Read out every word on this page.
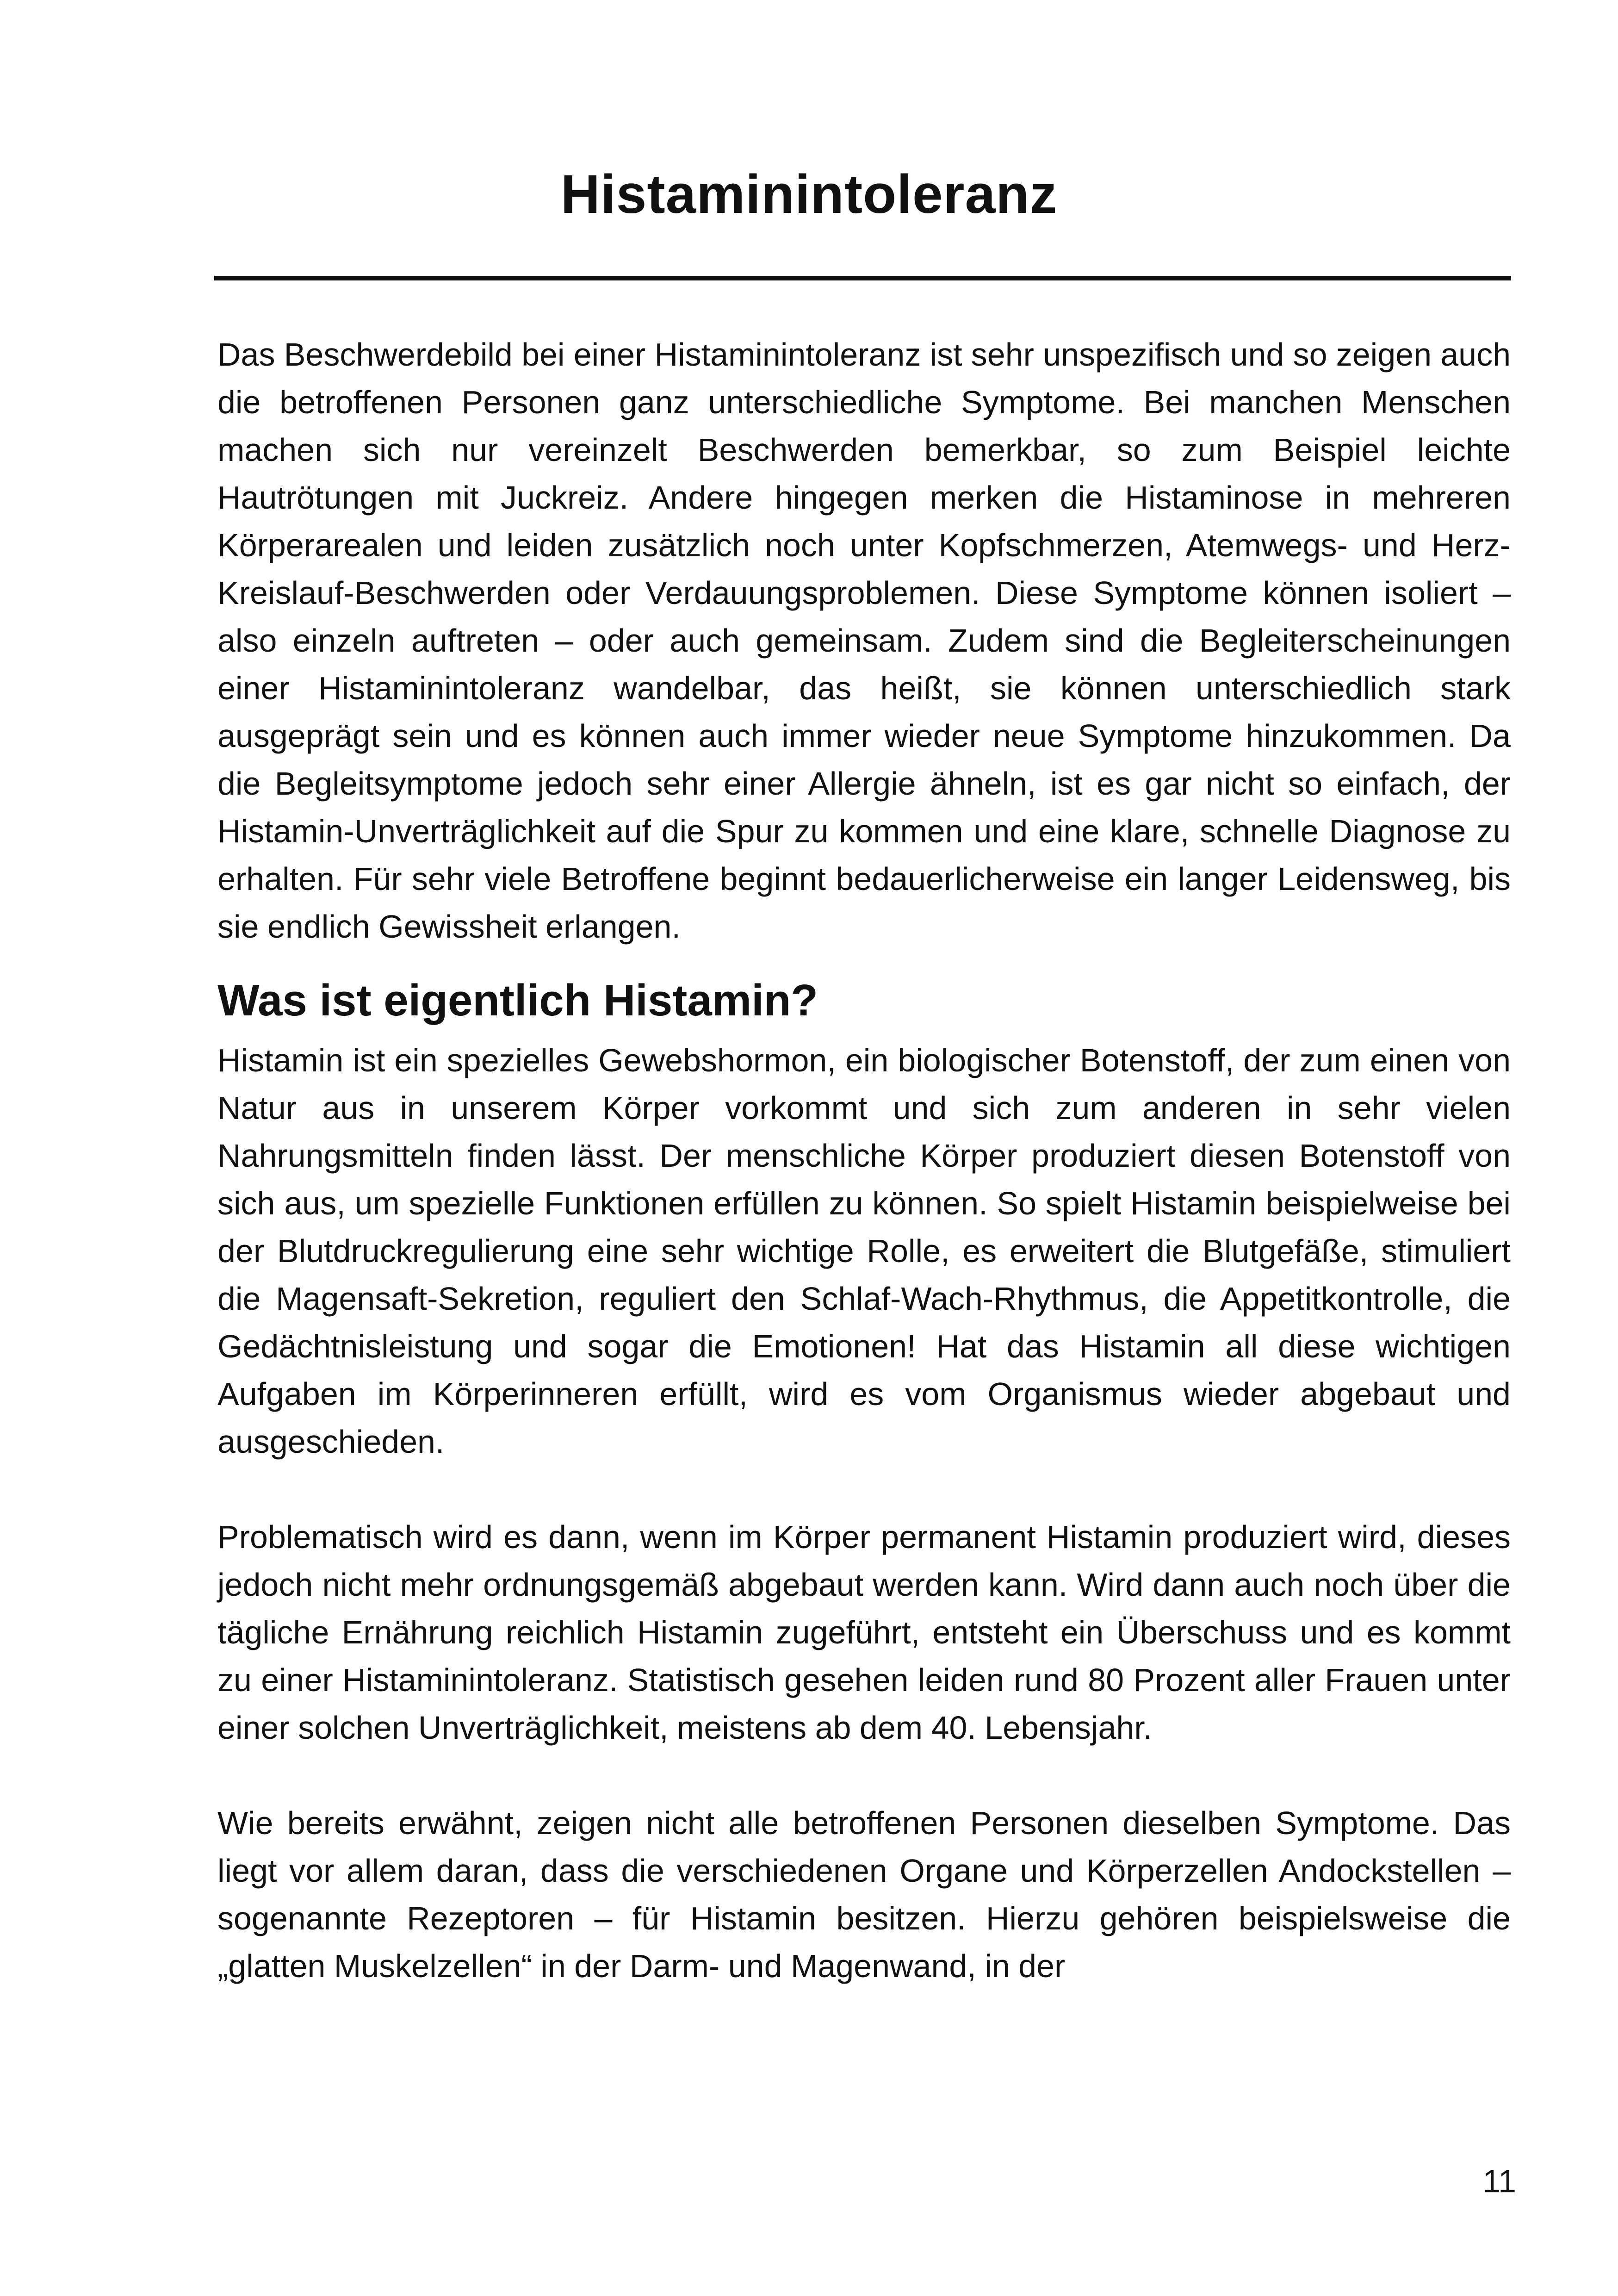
Histaminintoleranz

Das Beschwerdebild bei einer Histaminintoleranz ist sehr unspezifisch und so zeigen auch die betroffenen Personen ganz unterschiedliche Symptome. Bei manchen Menschen machen sich nur vereinzelt Beschwerden bemerkbar, so zum Beispiel leichte Hautrötungen mit Juckreiz. Andere hingegen merken die Histaminose in mehreren Körperarealen und leiden zusätzlich noch unter Kopfschmerzen, Atemwegs- und Herz-Kreislauf-Beschwerden oder Verdauungsproblemen. Diese Symptome können isoliert – also einzeln auftreten – oder auch gemeinsam. Zudem sind die Begleiterscheinungen einer Histaminintoleranz wandelbar, das heißt, sie können unterschiedlich stark ausgeprägt sein und es können auch immer wieder neue Symptome hinzukommen. Da die Begleitsymptome jedoch sehr einer Allergie ähneln, ist es gar nicht so einfach, der Histamin-Unverträglichkeit auf die Spur zu kommen und eine klare, schnelle Diagnose zu erhalten. Für sehr viele Betroffene beginnt bedauerlicherweise ein langer Leidensweg, bis sie endlich Gewissheit erlangen.

Was ist eigentlich Histamin?

Histamin ist ein spezielles Gewebshormon, ein biologischer Botenstoff, der zum einen von Natur aus in unserem Körper vorkommt und sich zum anderen in sehr vielen Nahrungsmitteln finden lässt. Der menschliche Körper produziert diesen Botenstoff von sich aus, um spezielle Funktionen erfüllen zu können. So spielt Histamin beispielweise bei der Blutdruckregulierung eine sehr wichtige Rolle, es erweitert die Blutgefäße, stimuliert die Magensaft-Sekretion, reguliert den Schlaf-Wach-Rhythmus, die Appetitkontrolle, die Gedächtnisleistung und sogar die Emotionen! Hat das Histamin all diese wichtigen Aufgaben im Körperinneren erfüllt, wird es vom Organismus wieder abgebaut und ausgeschieden.

Problematisch wird es dann, wenn im Körper permanent Histamin produziert wird, dieses jedoch nicht mehr ordnungsgemäß abgebaut werden kann. Wird dann auch noch über die tägliche Ernährung reichlich Histamin zugeführt, entsteht ein Überschuss und es kommt zu einer Histaminintoleranz. Statistisch gesehen leiden rund 80 Prozent aller Frauen unter einer solchen Unverträglichkeit, meistens ab dem 40. Lebensjahr.

Wie bereits erwähnt, zeigen nicht alle betroffenen Personen dieselben Symptome. Das liegt vor allem daran, dass die verschiedenen Organe und Körperzellen Andockstellen – sogenannte Rezeptoren – für Histamin besitzen. Hierzu gehören beispielsweise die „glatten Muskelzellen“ in der Darm- und Magenwand, in der

11
